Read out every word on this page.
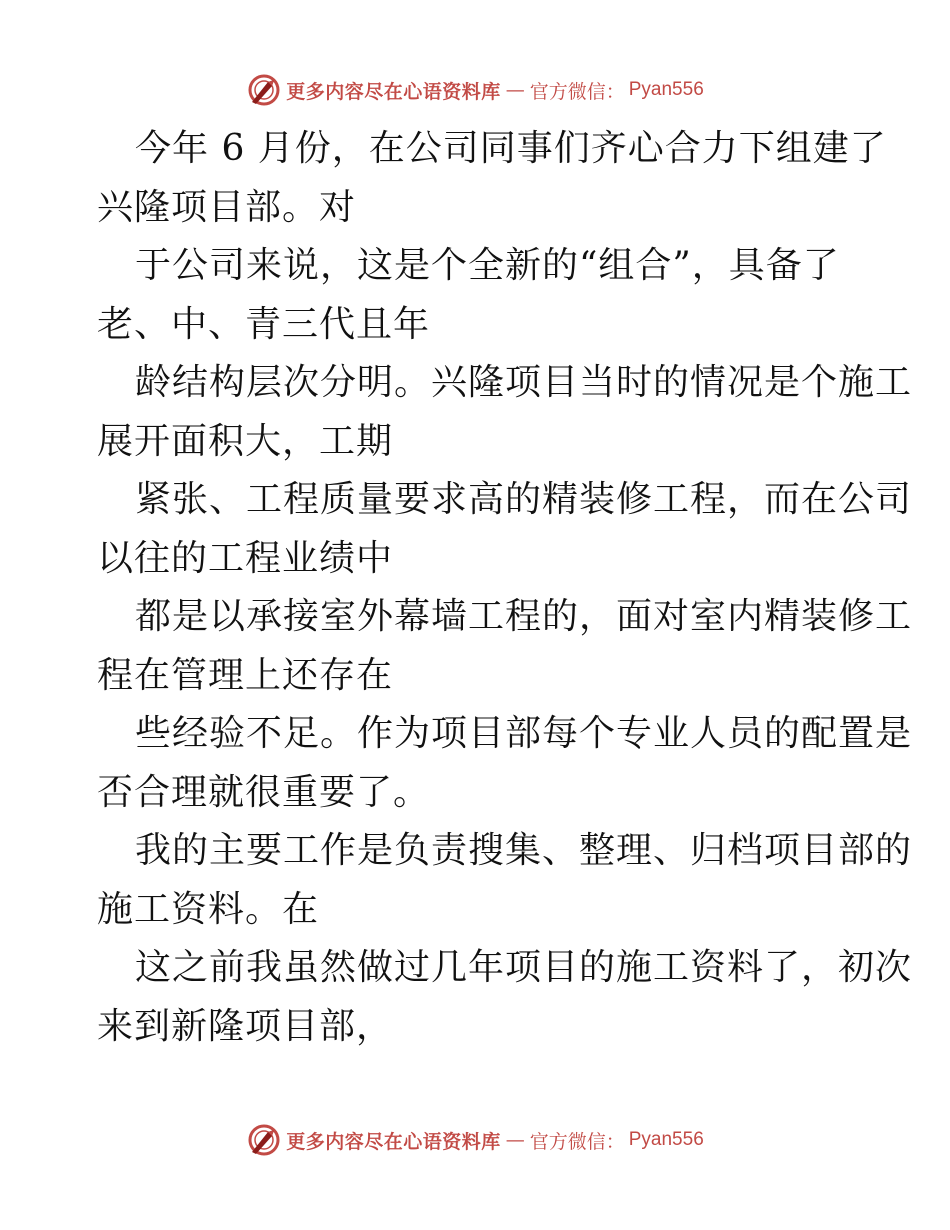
更多内容尽在心语资料库 — 官方微信： Pyan556
今年 6 月份，在公司同事们齐心合力下组建了
兴隆项目部。对
于公司来说，这是个全新的“组合”，具备了
老、中、青三代且年
龄结构层次分明。兴隆项目当时的情况是个施工
展开面积大，工期
紧张、工程质量要求高的精装修工程，而在公司
以往的工程业绩中
都是以承接室外幕墙工程的，面对室内精装修工
程在管理上还存在
些经验不足。作为项目部每个专业人员的配置是
否合理就很重要了。
我的主要工作是负责搜集、整理、归档项目部的
施工资料。在
这之前我虽然做过几年项目的施工资料了，初次
来到新隆项目部，
更多内容尽在心语资料库 — 官方微信： Pyan556
